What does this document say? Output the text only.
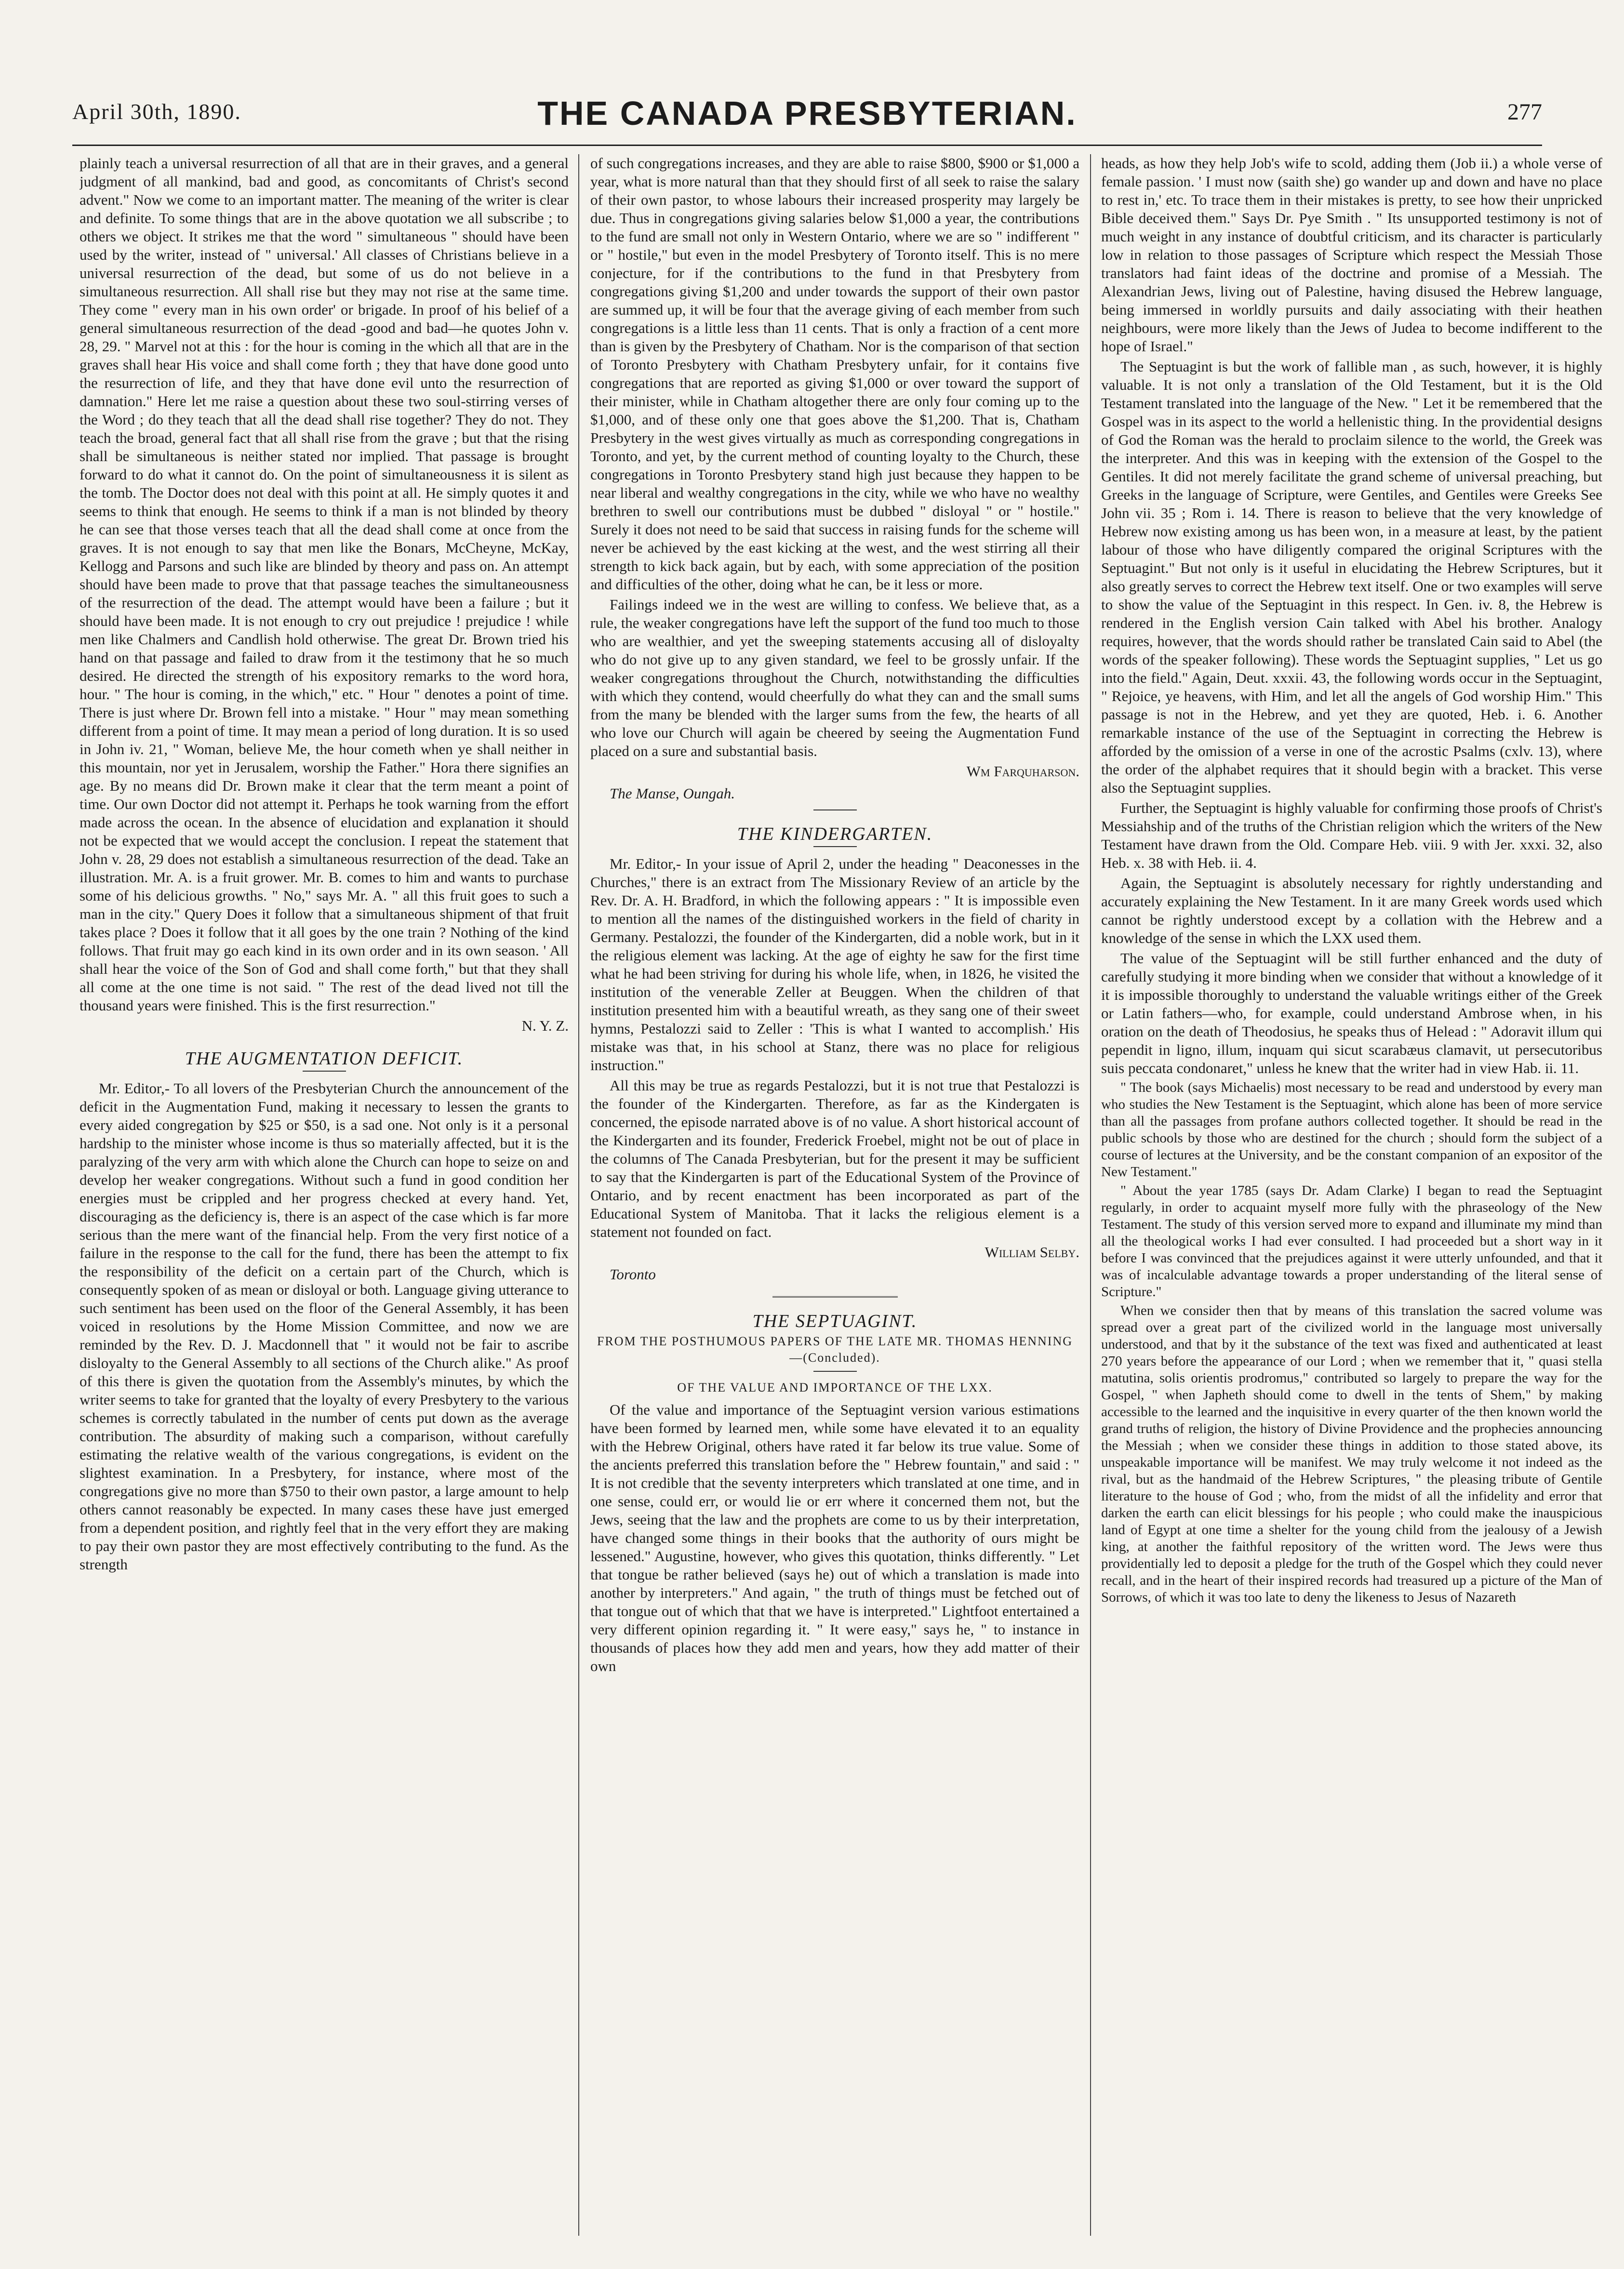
April 30th, 1890.	THE CANADA PRESBYTERIAN.	277

plainly teach a universal resurrection of all that are in their graves, and a general judgment of all mankind, bad and good, as concomitants of Christ's second advent." Now we come to an important matter. The meaning of the writer is clear and definite. To some things that are in the above quotation we all subscribe ; to others we object. It strikes me that the word " simultaneous " should have been used by the writer, instead of " universal.' All classes of Christians believe in a universal resurrection of the dead, but some of us do not believe in a simultaneous resurrection. All shall rise but they may not rise at the same time. They come " every man in his own order' or brigade. In proof of his belief of a general simultaneous resurrection of the dead -good and bad—he quotes John v. 28, 29. " Marvel not at this : for the hour is coming in the which all that are in the graves shall hear His voice and shall come forth ; they that have done good unto the resurrection of life, and they that have done evil unto the resurrection of damnation." Here let me raise a question about these two soul-stirring verses of the Word ; do they teach that all the dead shall rise together? They do not. They teach the broad, general fact that all shall rise from the grave ; but that the rising shall be simultaneous is neither stated nor implied. That passage is brought forward to do what it cannot do. On the point of simultaneousness it is silent as the tomb. The Doctor does not deal with this point at all. He simply quotes it and seems to think that enough. He seems to think if a man is not blinded by theory he can see that those verses teach that all the dead shall come at once from the graves. It is not enough to say that men like the Bonars, McCheyne, McKay, Kellogg and Parsons and such like are blinded by theory and pass on. An attempt should have been made to prove that that passage teaches the simultaneousness of the resurrection of the dead. The attempt would have been a failure ; but it should have been made. It is not enough to cry out prejudice ! prejudice ! while men like Chalmers and Candlish hold otherwise. The great Dr. Brown tried his hand on that passage and failed to draw from it the testimony that he so much desired. He directed the strength of his expository remarks to the word hora, hour. " The hour is coming, in the which," etc. " Hour " denotes a point of time. There is just where Dr. Brown fell into a mistake. " Hour " may mean something different from a point of time. It may mean a period of long duration. It is so used in John iv. 21, " Woman, believe Me, the hour cometh when ye shall neither in this mountain, nor yet in Jerusalem, worship the Father." Hora there signifies an age. By no means did Dr. Brown make it clear that the term meant a point of time. Our own Doctor did not attempt it. Perhaps he took warning from the effort made across the ocean. In the absence of elucidation and explanation it should not be expected that we would accept the conclusion. I repeat the statement that John v. 28, 29 does not establish a simultaneous resurrection of the dead. Take an illustration. Mr. A. is a fruit grower. Mr. B. comes to him and wants to purchase some of his delicious growths. " No," says Mr. A. " all this fruit goes to such a man in the city." Query Does it follow that a simultaneous shipment of that fruit takes place ? Does it follow that it all goes by the one train ? Nothing of the kind follows. That fruit may go each kind in its own order and in its own season. ' All shall hear the voice of the Son of God and shall come forth," but that they shall all come at the one time is not said. " The rest of the dead lived not till the thousand years were finished. This is the first resurrection."

N. Y. Z.
THE AUGMENTATION DEFICIT.

Mr. Editor,- To all lovers of the Presbyterian Church the announcement of the deficit in the Augmentation Fund, making it necessary to lessen the grants to every aided congregation by $25 or $50, is a sad one. Not only is it a personal hardship to the minister whose income is thus so materially affected, but it is the paralyzing of the very arm with which alone the Church can hope to seize on and develop her weaker congregations. Without such a fund in good condition her energies must be crippled and her progress checked at every hand. Yet, discouraging as the deficiency is, there is an aspect of the case which is far more serious than the mere want of the financial help. From the very first notice of a failure in the response to the call for the fund, there has been the attempt to fix the responsibility of the deficit on a certain part of the Church, which is consequently spoken of as mean or disloyal or both. Language giving utterance to such sentiment has been used on the floor of the General Assembly, it has been voiced in resolutions by the Home Mission Committee, and now we are reminded by the Rev. D. J. Macdonnell that " it would not be fair to ascribe disloyalty to the General Assembly to all sections of the Church alike." As proof of this there is given the quotation from the Assembly's minutes, by which the writer seems to take for granted that the loyalty of every Presbytery to the various schemes is correctly tabulated in the number of cents put down as the average contribution. The absurdity of making such a comparison, without carefully estimating the relative wealth of the various congregations, is evident on the slightest examination. In a Presbytery, for instance, where most of the congregations give no more than $750 to their own pastor, a large amount to help others cannot reasonably be expected. In many cases these have just emerged from a dependent position, and rightly feel that in the very effort they are making to pay their own pastor they are most effectively contributing to the fund. As the strength

of such congregations increases, and they are able to raise $800, $900 or $1,000 a year, what is more natural than that they should first of all seek to raise the salary of their own pastor, to whose labours their increased prosperity may largely be due. Thus in congregations giving salaries below $1,000 a year, the contributions to the fund are small not only in Western Ontario, where we are so " indifferent " or " hostile," but even in the model Presbytery of Toronto itself. This is no mere conjecture, for if the contributions to the fund in that Presbytery from congregations giving $1,200 and under towards the support of their own pastor are summed up, it will be four that the average giving of each member from such congregations is a little less than 11 cents. That is only a fraction of a cent more than is given by the Presbytery of Chatham. Nor is the comparison of that section of Toronto Presbytery with Chatham Presbytery unfair, for it contains five congregations that are reported as giving $1,000 or over toward the support of their minister, while in Chatham altogether there are only four coming up to the $1,000, and of these only one that goes above the $1,200. That is, Chatham Presbytery in the west gives virtually as much as corresponding congregations in Toronto, and yet, by the current method of counting loyalty to the Church, these congregations in Toronto Presbytery stand high just because they happen to be near liberal and wealthy congregations in the city, while we who have no wealthy brethren to swell our contributions must be dubbed " disloyal " or " hostile." Surely it does not need to be said that success in raising funds for the scheme will never be achieved by the east kicking at the west, and the west stirring all their strength to kick back again, but by each, with some appreciation of the position and difficulties of the other, doing what he can, be it less or more.

Failings indeed we in the west are willing to confess. We believe that, as a rule, the weaker congregations have left the support of the fund too much to those who are wealthier, and yet the sweeping statements accusing all of disloyalty who do not give up to any given standard, we feel to be grossly unfair. If the weaker congregations throughout the Church, notwithstanding the difficulties with which they contend, would cheerfully do what they can and the small sums from the many be blended with the larger sums from the few, the hearts of all who love our Church will again be cheered by seeing the Augmentation Fund placed on a sure and substantial basis.

Wm Farquharson.
The Manse, Oungah.
THE KINDERGARTEN.

Mr. Editor,- In your issue of April 2, under the heading " Deaconesses in the Churches," there is an extract from The Missionary Review of an article by the Rev. Dr. A. H. Bradford, in which the following appears : " It is impossible even to mention all the names of the distinguished workers in the field of charity in Germany. Pestalozzi, the founder of the Kindergarten, did a noble work, but in it the religious element was lacking. At the age of eighty he saw for the first time what he had been striving for during his whole life, when, in 1826, he visited the institution of the venerable Zeller at Beuggen. When the children of that institution presented him with a beautiful wreath, as they sang one of their sweet hymns, Pestalozzi said to Zeller : 'This is what I wanted to accomplish.' His mistake was that, in his school at Stanz, there was no place for religious instruction."

All this may be true as regards Pestalozzi, but it is not true that Pestalozzi is the founder of the Kindergarten. Therefore, as far as the Kindergaten is concerned, the episode narrated above is of no value. A short historical account of the Kindergarten and its founder, Frederick Froebel, might not be out of place in the columns of The Canada Presbyterian, but for the present it may be sufficient to say that the Kindergarten is part of the Educational System of the Province of Ontario, and by recent enactment has been incorporated as part of the Educational System of Manitoba. That it lacks the religious element is a statement not founded on fact.

William Selby.
Toronto
THE SEPTUAGINT.
FROM THE POSTHUMOUS PAPERS OF THE LATE MR. THOMAS HENNING—(Concluded).
OF THE VALUE AND IMPORTANCE OF THE LXX.

Of the value and importance of the Septuagint version various estimations have been formed by learned men, while some have elevated it to an equality with the Hebrew Original, others have rated it far below its true value. Some of the ancients preferred this translation before the " Hebrew fountain," and said : " It is not credible that the seventy interpreters which translated at one time, and in one sense, could err, or would lie or err where it concerned them not, but the Jews, seeing that the law and the prophets are come to us by their interpretation, have changed some things in their books that the authority of ours might be lessened." Augustine, however, who gives this quotation, thinks differently. " Let that tongue be rather believed (says he) out of which a translation is made into another by interpreters." And again, " the truth of things must be fetched out of that tongue out of which that that we have is interpreted." Lightfoot entertained a very different opinion regarding it. " It were easy," says he, " to instance in thousands of places how they add men and years, how they add matter of their own

heads, as how they help Job's wife to scold, adding them (Job ii.) a whole verse of female passion. ' I must now (saith she) go wander up and down and have no place to rest in,' etc. To trace them in their mistakes is pretty, to see how their unpricked Bible deceived them." Says Dr. Pye Smith . " Its unsupported testimony is not of much weight in any instance of doubtful criticism, and its character is particularly low in relation to those passages of Scripture which respect the Messiah Those translators had faint ideas of the doctrine and promise of a Messiah. The Alexandrian Jews, living out of Palestine, having disused the Hebrew language, being immersed in worldly pursuits and daily associating with their heathen neighbours, were more likely than the Jews of Judea to become indifferent to the hope of Israel."

The Septuagint is but the work of fallible man , as such, however, it is highly valuable. It is not only a translation of the Old Testament, but it is the Old Testament translated into the language of the New. " Let it be remembered that the Gospel was in its aspect to the world a hellenistic thing. In the providential designs of God the Roman was the herald to proclaim silence to the world, the Greek was the interpreter. And this was in keeping with the extension of the Gospel to the Gentiles. It did not merely facilitate the grand scheme of universal preaching, but Greeks in the language of Scripture, were Gentiles, and Gentiles were Greeks See John vii. 35 ; Rom i. 14. There is reason to believe that the very knowledge of Hebrew now existing among us has been won, in a measure at least, by the patient labour of those who have diligently compared the original Scriptures with the Septuagint." But not only is it useful in elucidating the Hebrew Scriptures, but it also greatly serves to correct the Hebrew text itself. One or two examples will serve to show the value of the Septuagint in this respect. In Gen. iv. 8, the Hebrew is rendered in the English version Cain talked with Abel his brother. Analogy requires, however, that the words should rather be translated Cain said to Abel (the words of the speaker following). These words the Septuagint supplies, " Let us go into the field." Again, Deut. xxxii. 43, the following words occur in the Septuagint, " Rejoice, ye heavens, with Him, and let all the angels of God worship Him." This passage is not in the Hebrew, and yet they are quoted, Heb. i. 6. Another remarkable instance of the use of the Septuagint in correcting the Hebrew is afforded by the omission of a verse in one of the acrostic Psalms (cxlv. 13), where the order of the alphabet requires that it should begin with a bracket. This verse also the Septuagint supplies.

Further, the Septuagint is highly valuable for confirming those proofs of Christ's Messiahship and of the truths of the Christian religion which the writers of the New Testament have drawn from the Old. Compare Heb. viii. 9 with Jer. xxxi. 32, also Heb. x. 38 with Heb. ii. 4.

Again, the Septuagint is absolutely necessary for rightly understanding and accurately explaining the New Testament. In it are many Greek words used which cannot be rightly understood except by a collation with the Hebrew and a knowledge of the sense in which the LXX used them.

The value of the Septuagint will be still further enhanced and the duty of carefully studying it more binding when we consider that without a knowledge of it it is impossible thoroughly to understand the valuable writings either of the Greek or Latin fathers—who, for example, could understand Ambrose when, in his oration on the death of Theodosius, he speaks thus of Helead : " Adoravit illum qui pependit in ligno, illum, inquam qui sicut scarabæus clamavit, ut persecutoribus suis peccata condonaret," unless he knew that the writer had in view Hab. ii. 11.

" The book (says Michaelis) most necessary to be read and understood by every man who studies the New Testament is the Septuagint, which alone has been of more service than all the passages from profane authors collected together. It should be read in the public schools by those who are destined for the church ; should form the subject of a course of lectures at the University, and be the constant companion of an expositor of the New Testament."

" About the year 1785 (says Dr. Adam Clarke) I began to read the Septuagint regularly, in order to acquaint myself more fully with the phraseology of the New Testament. The study of this version served more to expand and illuminate my mind than all the theological works I had ever consulted. I had proceeded but a short way in it before I was convinced that the prejudices against it were utterly unfounded, and that it was of incalculable advantage towards a proper understanding of the literal sense of Scripture."

When we consider then that by means of this translation the sacred volume was spread over a great part of the civilized world in the language most universally understood, and that by it the substance of the text was fixed and authenticated at least 270 years before the appearance of our Lord ; when we remember that it, " quasi stella matutina, solis orientis prodromus," contributed so largely to prepare the way for the Gospel, " when Japheth should come to dwell in the tents of Shem," by making accessible to the learned and the inquisitive in every quarter of the then known world the grand truths of religion, the history of Divine Providence and the prophecies announcing the Messiah ; when we consider these things in addition to those stated above, its unspeakable importance will be manifest. We may truly welcome it not indeed as the rival, but as the handmaid of the Hebrew Scriptures, " the pleasing tribute of Gentile literature to the house of God ; who, from the midst of all the infidelity and error that darken the earth can elicit blessings for his people ; who could make the inauspicious land of Egypt at one time a shelter for the young child from the jealousy of a Jewish king, at another the faithful repository of the written word. The Jews were thus providentially led to deposit a pledge for the truth of the Gospel which they could never recall, and in the heart of their inspired records had treasured up a picture of the Man of Sorrows, of which it was too late to deny the likeness to Jesus of Nazareth
